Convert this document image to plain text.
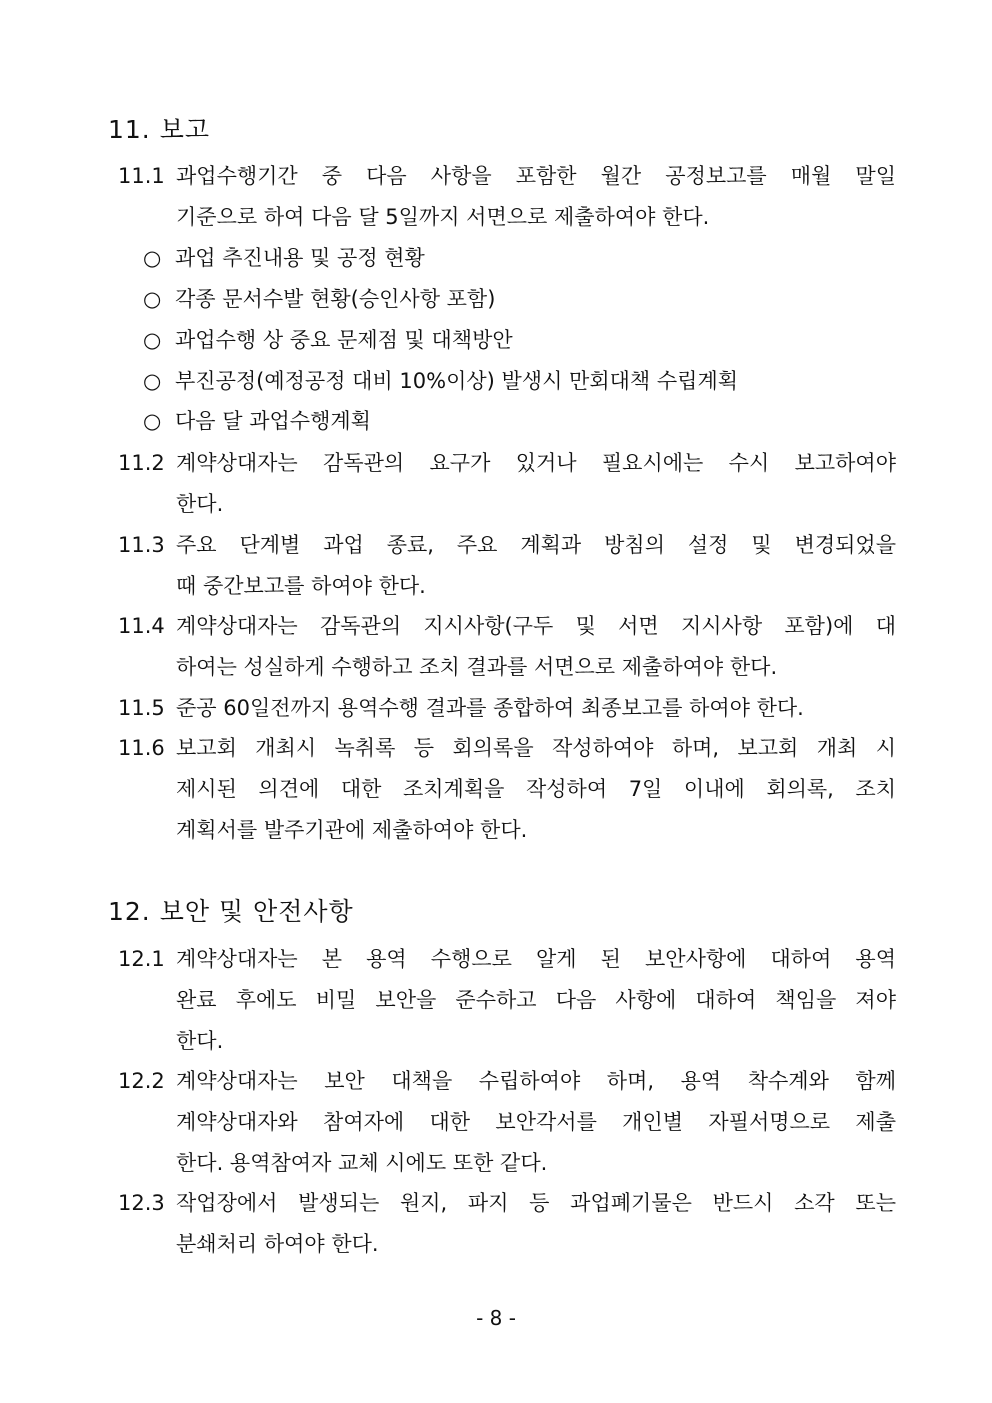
11. 보고
11.1 과업수행기간 중 다음 사항을 포함한 월간 공정보고를 매월 말일
기준으로 하여 다음 달 5일까지 서면으로 제출하여야 한다.
○ 과업 추진내용 및 공정 현황
○ 각종 문서수발 현황(승인사항 포함)
○ 과업수행 상 중요 문제점 및 대책방안
○ 부진공정(예정공정 대비 10%이상) 발생시 만회대책 수립계획
○ 다음 달 과업수행계획
11.2 계약상대자는 감독관의 요구가 있거나 필요시에는 수시 보고하여야
한다.
11.3 주요 단계별 과업 종료, 주요 계획과 방침의 설정 및 변경되었을
때 중간보고를 하여야 한다.
11.4 계약상대자는 감독관의 지시사항(구두 및 서면 지시사항 포함)에 대
하여는 성실하게 수행하고 조치 결과를 서면으로 제출하여야 한다.
11.5 준공 60일전까지 용역수행 결과를 종합하여 최종보고를 하여야 한다.
11.6 보고회 개최시 녹취록 등 회의록을 작성하여야 하며, 보고회 개최 시
제시된 의견에 대한 조치계획을 작성하여 7일 이내에 회의록, 조치
계획서를 발주기관에 제출하여야 한다.
12. 보안 및 안전사항
12.1 계약상대자는 본 용역 수행으로 알게 된 보안사항에 대하여 용역
완료 후에도 비밀 보안을 준수하고 다음 사항에 대하여 책임을 져야
한다.
12.2 계약상대자는 보안 대책을 수립하여야 하며, 용역 착수계와 함께
계약상대자와 참여자에 대한 보안각서를 개인별 자필서명으로 제출
한다. 용역참여자 교체 시에도 또한 같다.
12.3 작업장에서 발생되는 원지, 파지 등 과업폐기물은 반드시 소각 또는
분쇄처리 하여야 한다.
- 8 -
